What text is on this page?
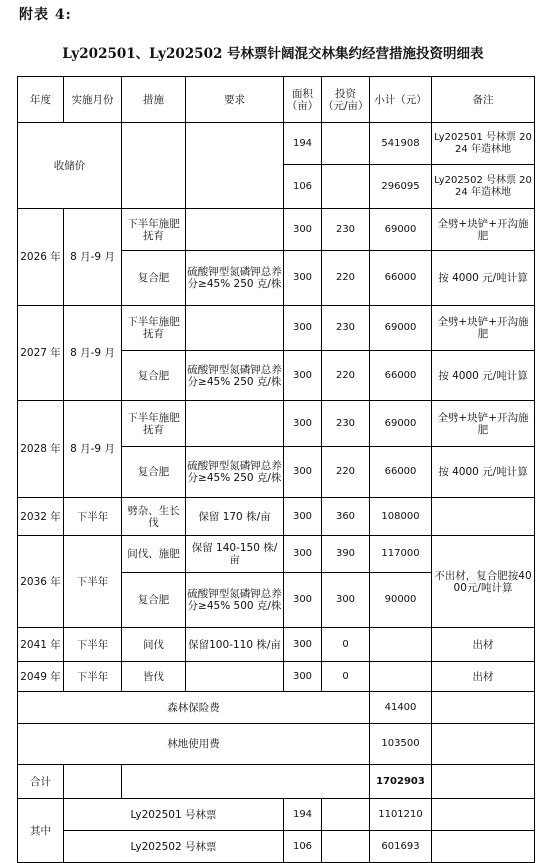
附表 4:
Ly202501、Ly202502 号林票针阔混交林集约经营措施投资明细表
年度	实施月份	措施	要求	面积（亩）	投资（元/亩）	小计（元）	备注
收储价				194		541908	Ly202501 号林票 2024 年造林地
				106		296095	Ly202502 号林票 2024 年造林地
2026 年	8 月-9 月	下半年施肥抚育		300	230	69000	全劈+块铲+开沟施肥
		复合肥	硫酸钾型氮磷钾总养分≥45% 250 克/株	300	220	66000	按 4000 元/吨计算
2027 年	8 月-9 月	下半年施肥抚育		300	230	69000	全劈+块铲+开沟施肥
		复合肥	硫酸钾型氮磷钾总养分≥45% 250 克/株	300	220	66000	按 4000 元/吨计算
2028 年	8 月-9 月	下半年施肥抚育		300	230	69000	全劈+块铲+开沟施肥
		复合肥	硫酸钾型氮磷钾总养 分≥45% 250 克/株	300	220	66000	按 4000 元/吨计算
2032 年	下半年	劈杂、生长伐	保留 170 株/亩	300	360	108000	
2036 年	下半年	间伐、施肥	保留 140-150 株/亩	300	390	117000	不出材，复合肥按4000元/吨计算
		复合肥	硫酸钾型氮磷钾总养分≥45% 500 克/株	300	300	90000	
2041 年	下半年	间伐	保留100-110 株/亩	300	0		出材
2049 年	下半年	皆伐		300	0		出材
森林保险费						41400	
林地使用费						103500	
合计						1702903	
其中	Ly202501 号林票			194		1101210	
	Ly202502 号林票			106		601693	
